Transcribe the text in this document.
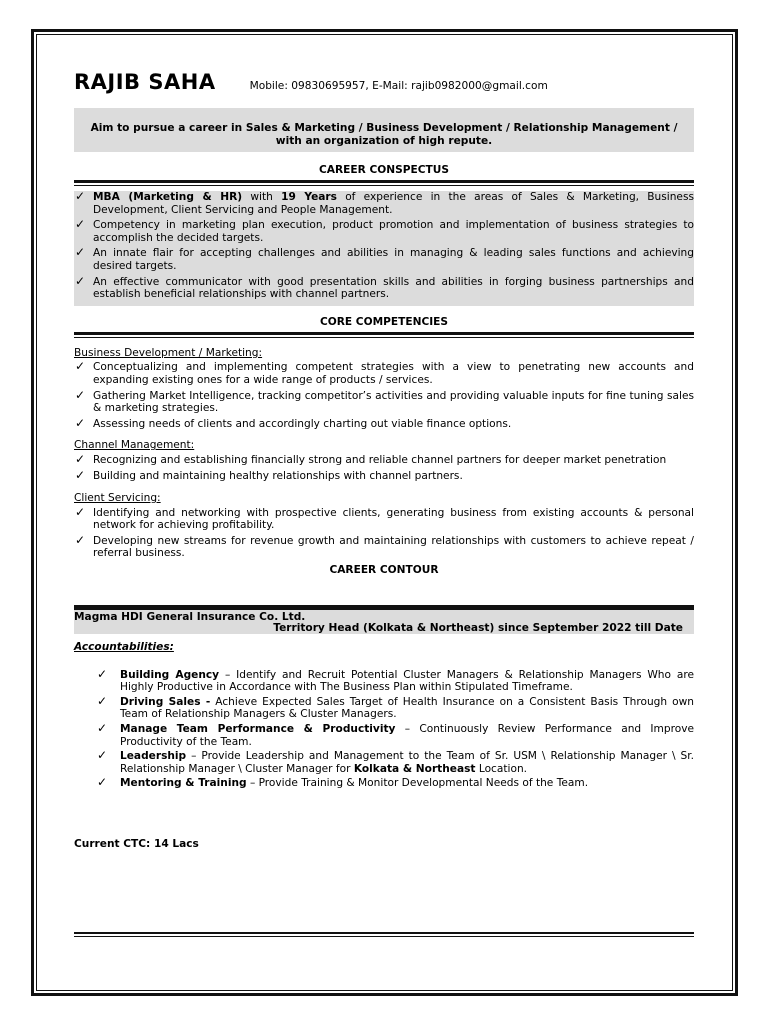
RAJIB SAHA	Mobile: 09830695957, E-Mail: rajib0982000@gmail.com
Aim to pursue a career in Sales & Marketing / Business Development / Relationship Management /
with an organization of high repute.
CAREER CONSPECTUS
✓ MBA (Marketing & HR) with 19 Years of experience in the areas of Sales & Marketing, Business Development, Client Servicing and People Management.
✓ Competency in marketing plan execution, product promotion and implementation of business strategies to accomplish the decided targets.
✓ An innate flair for accepting challenges and abilities in managing & leading sales functions and achieving desired targets.
✓ An effective communicator with good presentation skills and abilities in forging business partnerships and establish beneficial relationships with channel partners.
CORE COMPETENCIES
Business Development / Marketing:
✓ Conceptualizing and implementing competent strategies with a view to penetrating new accounts and expanding existing ones for a wide range of products / services.
✓ Gathering Market Intelligence, tracking competitor’s activities and providing valuable inputs for fine tuning sales & marketing strategies.
✓ Assessing needs of clients and accordingly charting out viable finance options.
Channel Management:
✓ Recognizing and establishing financially strong and reliable channel partners for deeper market penetration
✓ Building and maintaining healthy relationships with channel partners.
Client Servicing:
✓ Identifying and networking with prospective clients, generating business from existing accounts & personal network for achieving profitability.
✓ Developing new streams for revenue growth and maintaining relationships with customers to achieve repeat / referral business.
CAREER CONTOUR
Magma HDI General Insurance Co. Ltd.
Territory Head (Kolkata & Northeast) since September 2022 till Date
Accountabilities:
✓ Building Agency – Identify and Recruit Potential Cluster Managers & Relationship Managers Who are Highly Productive in Accordance with The Business Plan within Stipulated Timeframe.
✓ Driving Sales - Achieve Expected Sales Target of Health Insurance on a Consistent Basis Through own Team of Relationship Managers & Cluster Managers.
✓ Manage Team Performance & Productivity – Continuously Review Performance and Improve Productivity of the Team.
✓ Leadership – Provide Leadership and Management to the Team of Sr. USM \ Relationship Manager \ Sr. Relationship Manager \ Cluster Manager for Kolkata & Northeast Location.
✓ Mentoring & Training – Provide Training & Monitor Developmental Needs of the Team.
Current CTC: 14 Lacs
